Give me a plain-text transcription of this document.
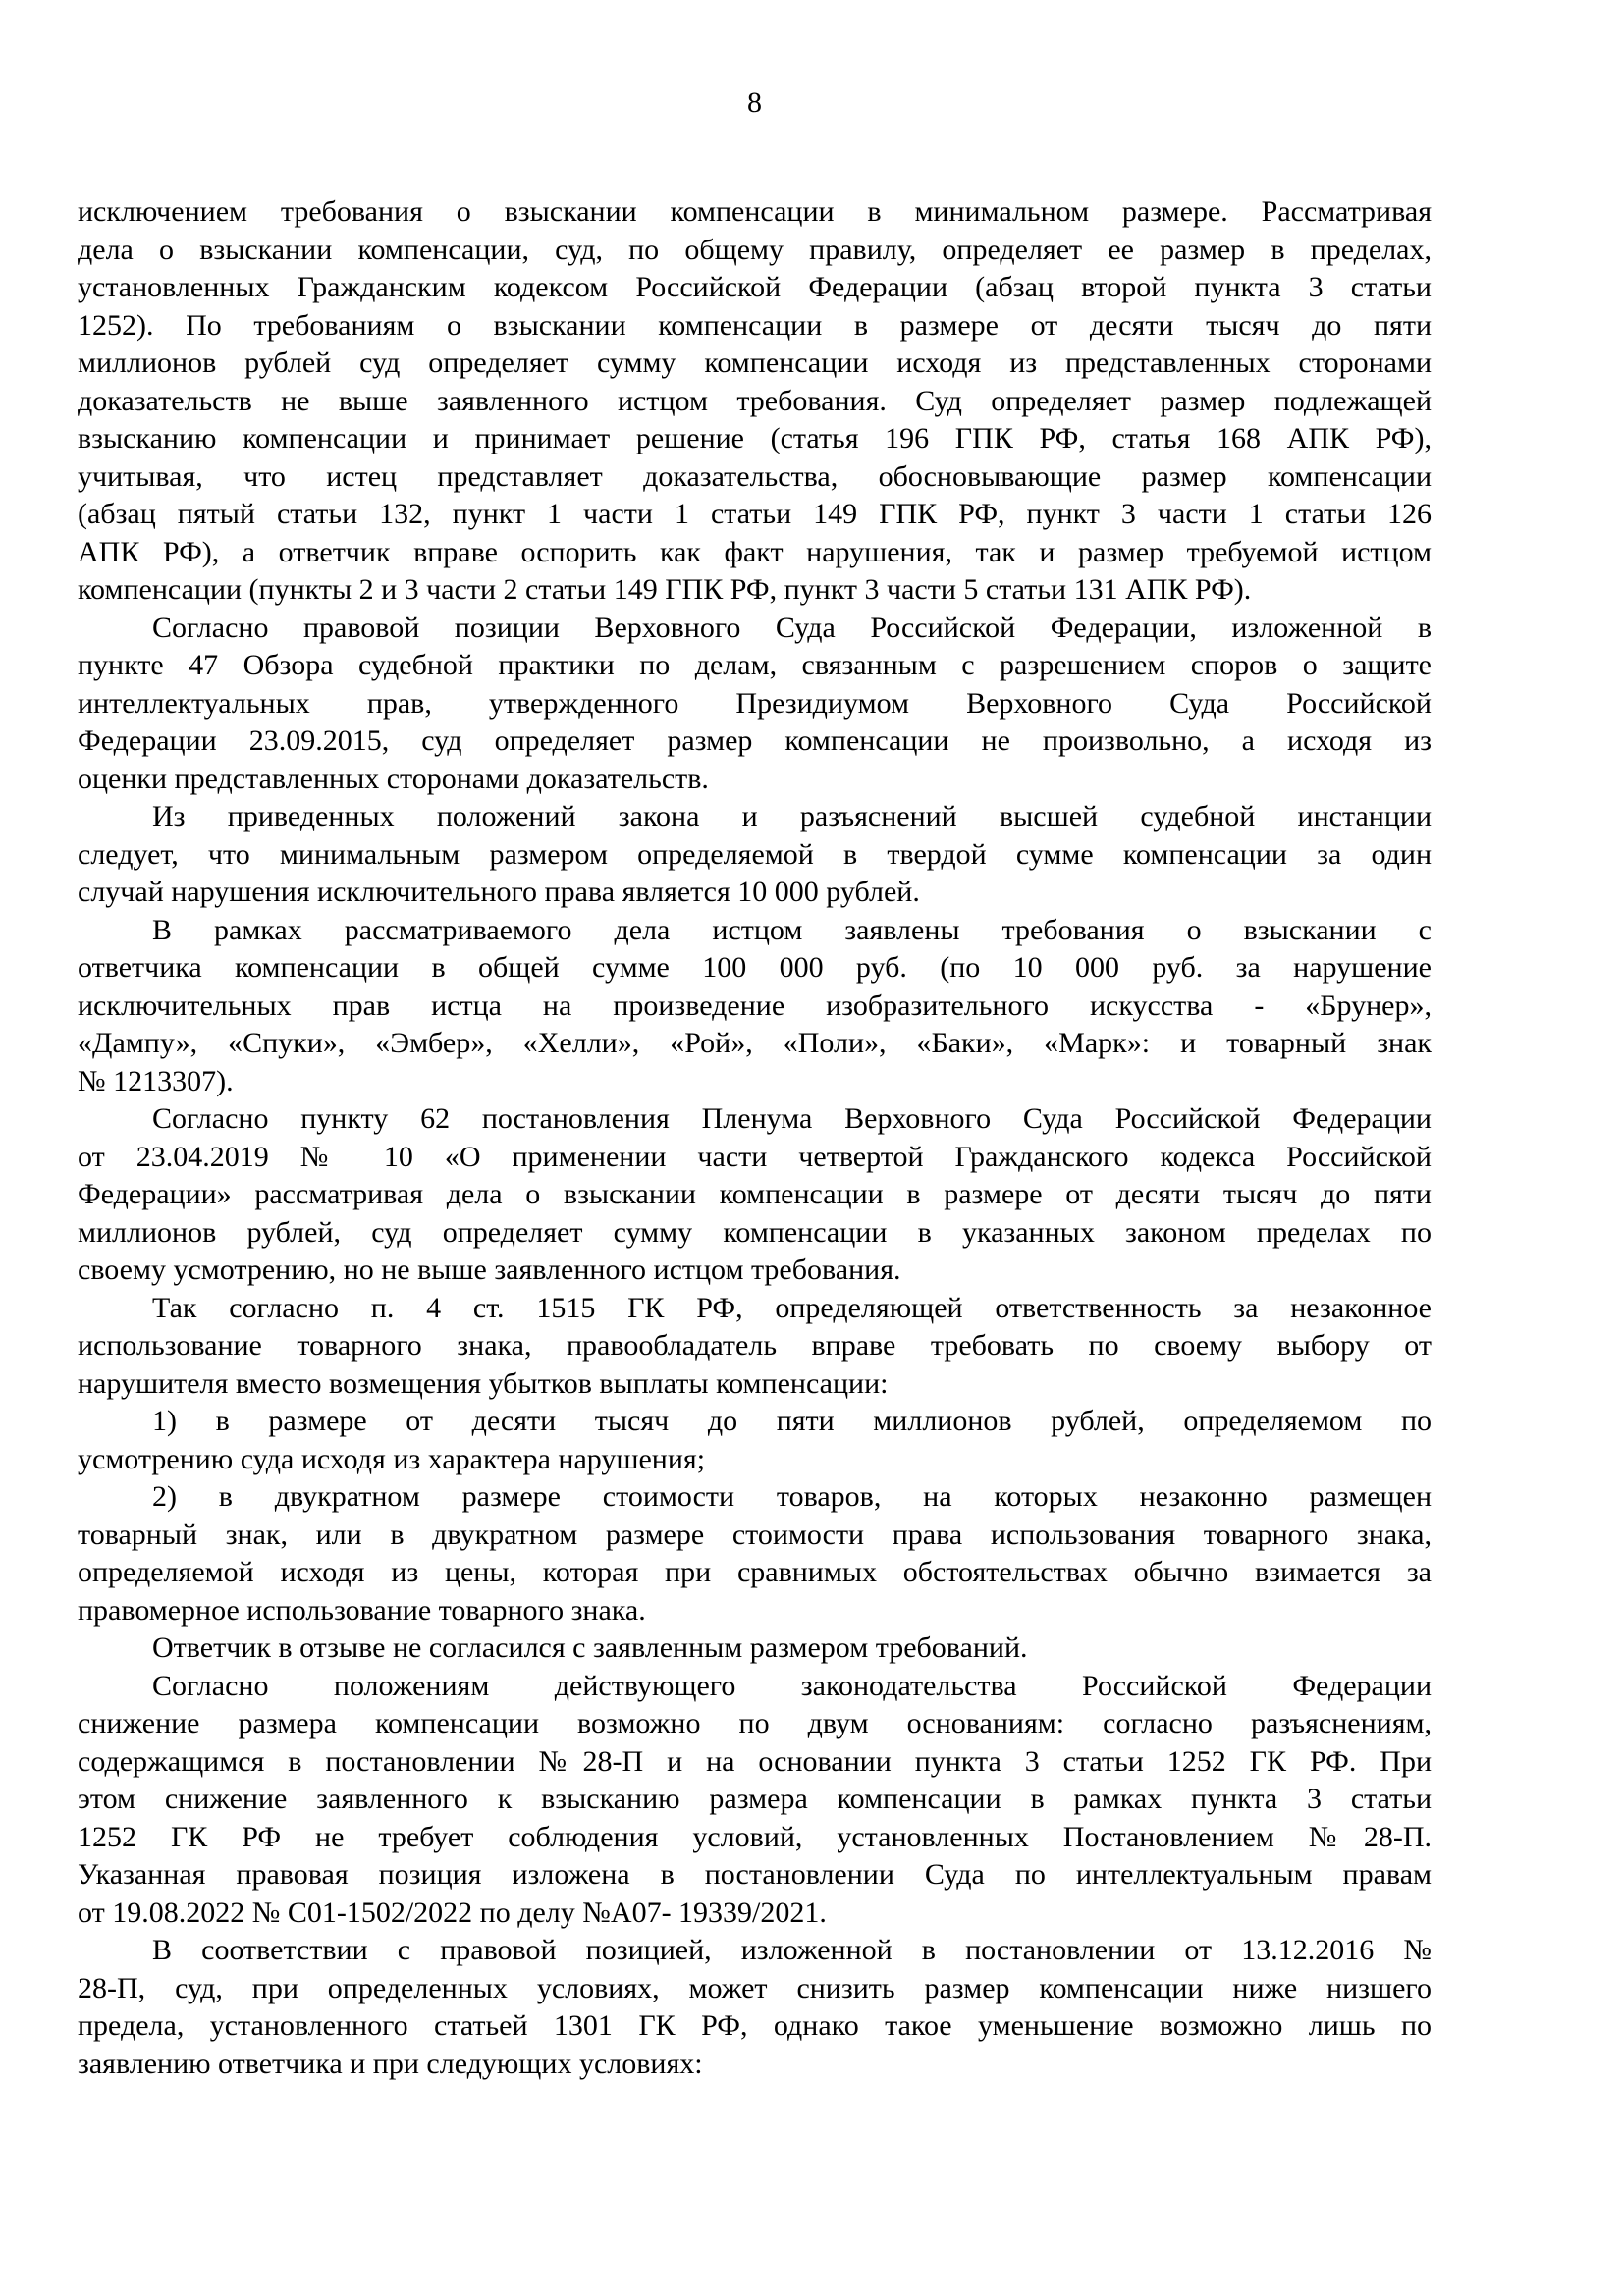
8
исключением требования о взыскании компенсации в минимальном размере. Рассматривая
дела о взыскании компенсации, суд, по общему правилу, определяет ее размер в пределах,
установленных Гражданским кодексом Российской Федерации (абзац второй пункта 3 статьи
1252). По требованиям о взыскании компенсации в размере от десяти тысяч до пяти
миллионов рублей суд определяет сумму компенсации исходя из представленных сторонами
доказательств не выше заявленного истцом требования. Суд определяет размер подлежащей
взысканию компенсации и принимает решение (статья 196 ГПК РФ, статья 168 АПК РФ),
учитывая, что истец представляет доказательства, обосновывающие размер компенсации
(абзац пятый статьи 132, пункт 1 части 1 статьи 149 ГПК РФ, пункт 3 части 1 статьи 126
АПК РФ), а ответчик вправе оспорить как факт нарушения, так и размер требуемой истцом
компенсации (пункты 2 и 3 части 2 статьи 149 ГПК РФ, пункт 3 части 5 статьи 131 АПК РФ).
Согласно правовой позиции Верховного Суда Российской Федерации, изложенной в
пункте 47 Обзора судебной практики по делам, связанным с разрешением споров о защите
интеллектуальных прав, утвержденного Президиумом Верховного Суда Российской
Федерации 23.09.2015, суд определяет размер компенсации не произвольно, а исходя из
оценки представленных сторонами доказательств.
Из приведенных положений закона и разъяснений высшей судебной инстанции
следует, что минимальным размером определяемой в твердой сумме компенсации за один
случай нарушения исключительного права является 10 000 рублей.
В рамках рассматриваемого дела истцом заявлены требования о взыскании с
ответчика компенсации в общей сумме 100 000 руб. (по 10 000 руб. за нарушение
исключительных прав истца на произведение изобразительного искусства - «Брунер»,
«Дампу», «Спуки», «Эмбер», «Хелли», «Рой», «Поли», «Баки», «Марк»: и товарный знак
№ 1213307).
Согласно пункту 62 постановления Пленума Верховного Суда Российской Федерации
от 23.04.2019 № 10 «О применении части четвертой Гражданского кодекса Российской
Федерации» рассматривая дела о взыскании компенсации в размере от десяти тысяч до пяти
миллионов рублей, суд определяет сумму компенсации в указанных законом пределах по
своему усмотрению, но не выше заявленного истцом требования.
Так согласно п. 4 ст. 1515 ГК РФ, определяющей ответственность за незаконное
использование товарного знака, правообладатель вправе требовать по своему выбору от
нарушителя вместо возмещения убытков выплаты компенсации:
1) в размере от десяти тысяч до пяти миллионов рублей, определяемом по
усмотрению суда исходя из характера нарушения;
2) в двукратном размере стоимости товаров, на которых незаконно размещен
товарный знак, или в двукратном размере стоимости права использования товарного знака,
определяемой исходя из цены, которая при сравнимых обстоятельствах обычно взимается за
правомерное использование товарного знака.
Ответчик в отзыве не согласился с заявленным размером требований.
Согласно положениям действующего законодательства Российской Федерации
снижение размера компенсации возможно по двум основаниям: согласно разъяснениям,
содержащимся в постановлении №28-П и на основании пункта 3 статьи 1252 ГК РФ. При
этом снижение заявленного к взысканию размера компенсации в рамках пункта 3 статьи
1252 ГК РФ не требует соблюдения условий, установленных Постановлением №28-П.
Указанная правовая позиция изложена в постановлении Суда по интеллектуальным правам
от 19.08.2022 № С01-1502/2022 по делу №А07- 19339/2021.
В соответствии с правовой позицией, изложенной в постановлении от 13.12.2016 №
28-П, суд, при определенных условиях, может снизить размер компенсации ниже низшего
предела, установленного статьей 1301 ГК РФ, однако такое уменьшение возможно лишь по
заявлению ответчика и при следующих условиях:
